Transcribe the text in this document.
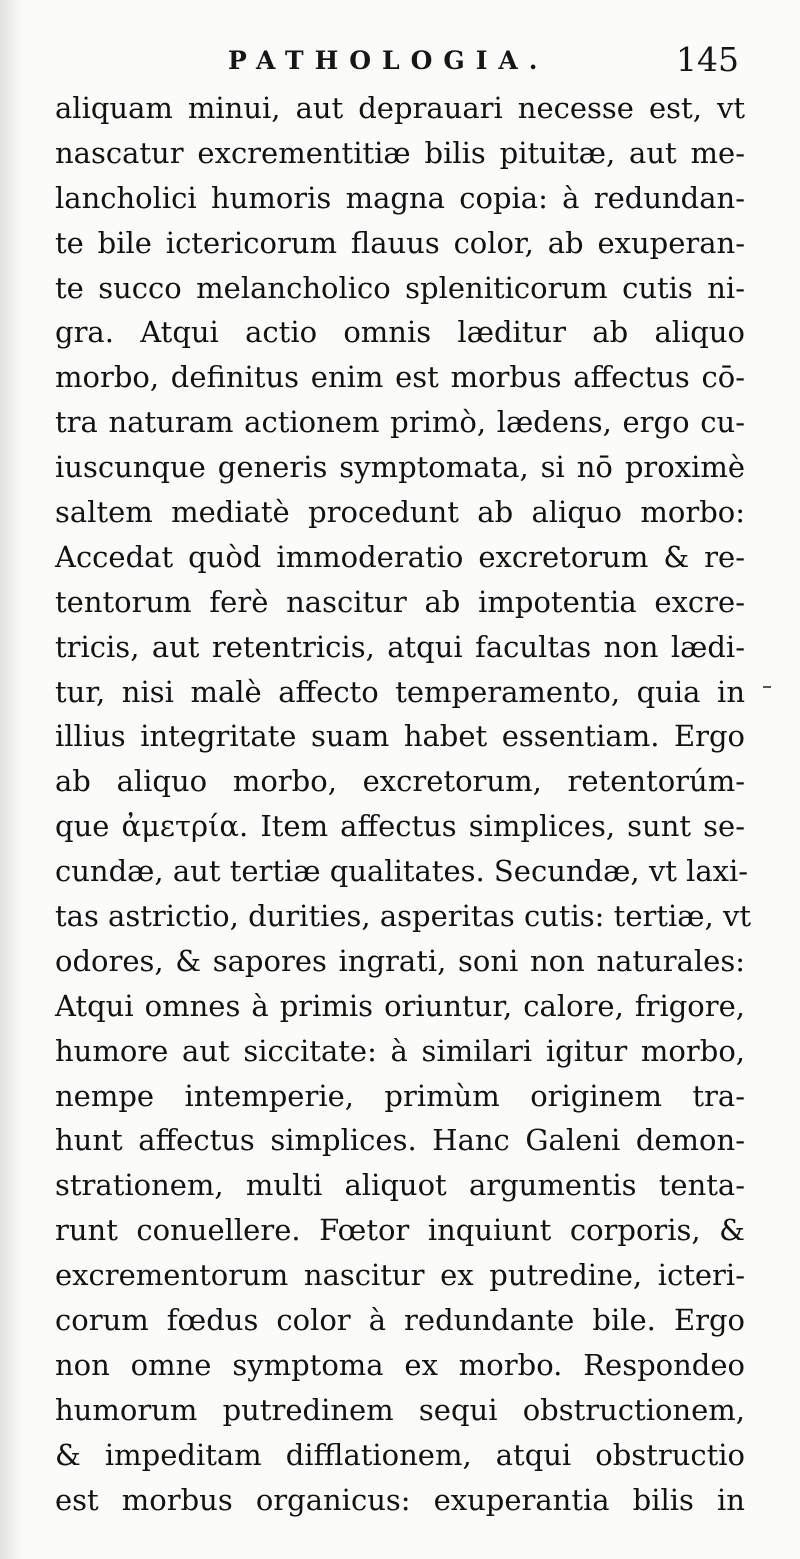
PATHOLOGIA.	145
aliquam minui, aut deprauari necesse est, vt
nascatur excrementitiæ bilis pituitæ, aut me-
lancholici humoris magna copia: à redundan-
te bile ictericorum flauus color, ab exuperan-
te succo melancholico spleniticorum cutis ni-
gra. Atqui actio omnis læditur ab aliquo
morbo, definitus enim est morbus affectus cō-
tra naturam actionem primò, lædens, ergo cu-
iuscunque generis symptomata, si nō proximè
saltem mediatè procedunt ab aliquo morbo:
Accedat quòd immoderatio excretorum & re-
tentorum ferè nascitur ab impotentia excre-
tricis, aut retentricis, atqui facultas non lædi-
tur, nisi malè affecto temperamento, quia in
illius integritate suam habet essentiam. Ergo
ab aliquo morbo, excretorum, retentorúm-
que ἀμετρία. Item affectus simplices, sunt se-
cundæ, aut tertiæ qualitates. Secundæ, vt laxi-
tas astrictio, durities, asperitas cutis: tertiæ, vt
odores, & sapores ingrati, soni non naturales:
Atqui omnes à primis oriuntur, calore, frigore,
humore aut siccitate: à similari igitur morbo,
nempe intemperie, primùm originem tra-
hunt affectus simplices. Hanc Galeni demon-
strationem, multi aliquot argumentis tenta-
runt conuellere. Fœtor inquiunt corporis, &
excrementorum nascitur ex putredine, icteri-
corum fœdus color à redundante bile. Ergo
non omne symptoma ex morbo. Respondeo
humorum putredinem sequi obstructionem,
& impeditam difflationem, atqui obstructio
est morbus organicus: exuperantia bilis in
